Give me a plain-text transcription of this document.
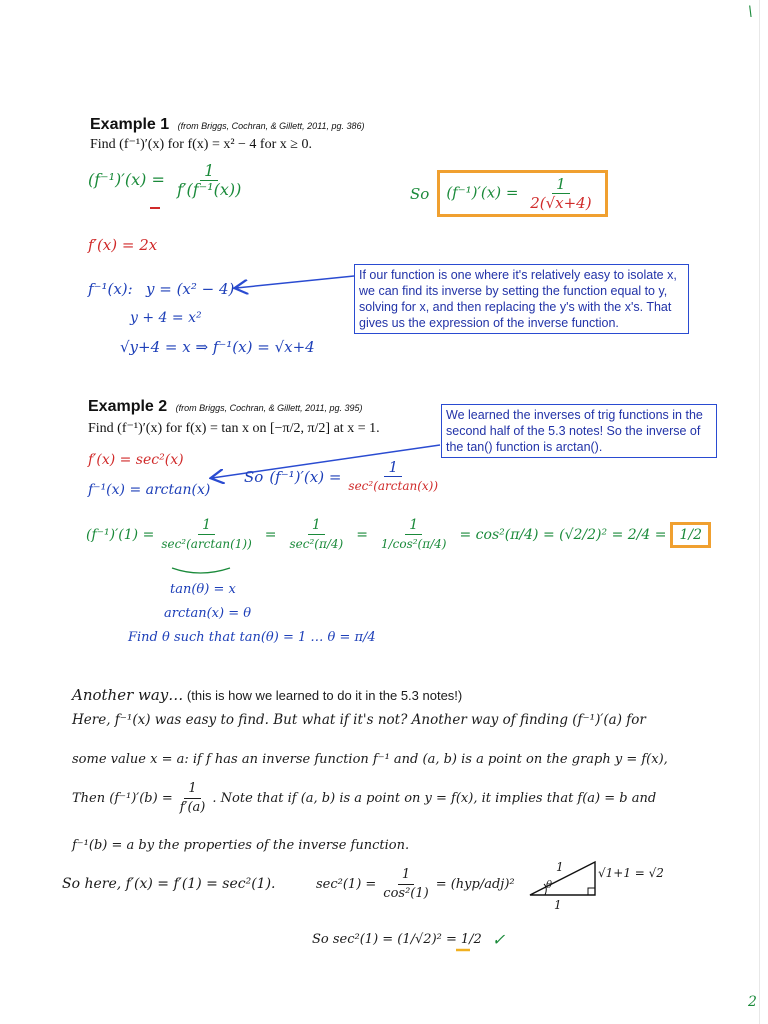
\
Example 1 (from Briggs, Cochran, & Gillett, 2011, pg. 386)
Find (f⁻¹)′(x) for f(x) = x² − 4 for x ≥ 0.
$(f^{-1})'(x) = \frac{1}{\text{f′(f⁻¹(x))}}$	So	$(f^{-1})'(x) = \frac{1}{2(√x+4)}$
f′(x) = 2x
f⁻¹(x): y = (x² − 4)
y + 4 = x²
√y+4 = x ⇒ f⁻¹(x) = √x+4
If our function is one where it's relatively easy to isolate x, we can find its inverse by setting the function equal to y, solving for x, and then replacing the y's with the x's. That gives us the expression of the inverse function.
Example 2 (from Briggs, Cochran, & Gillett, 2011, pg. 395)
Find (f⁻¹)′(x) for f(x) = tan x on [−π/2, π/2] at x = 1.
We learned the inverses of trig functions in the second half of the 5.3 notes! So the inverse of the tan() function is arctan().
f′(x) = sec²(x)
f⁻¹(x) = arctan(x)
So $(f^{-1})'(x) = \frac{1}{\text{sec²(arctan(x))}}$
$(f^{-1})'(1) = \frac{1}{\text{sec²(arctan(1))}} = \frac{1}{\text{sec²(π/4)}} = \frac{1}{\text{1/cos²(π/4)}} = \cos^2(\pi/4) = (√2/2)^2 = 2/4 = 1/2$
tan(θ) = x
arctan(x) = θ
Find θ such that tan(θ) = 1 … θ = π/4
Another way… (this is how we learned to do it in the 5.3 notes!)
Here, f⁻¹(x) was easy to find. But what if it's not? Another way of finding (f⁻¹)′(a) for
some value x = a: if f has an inverse function f⁻¹ and (a, b) is a point on the graph y = f(x),
Then $(f^{-1})'(b) = \frac{1}{f'(a)}$ . Note that if (a, b) is a point on y = f(x), it implies that f(a) = b and
f⁻¹(b) = a by the properties of the inverse function.
So here, f′(x) = f′(1) = sec²(1).	$\sec^2(1) = \frac{1}{\text{cos²(1)}} = (hyp/adj)^2$
1
1
θ
√1+1 = √2
So sec²(1) = (1/√2)² = 1/2 ✓
2
